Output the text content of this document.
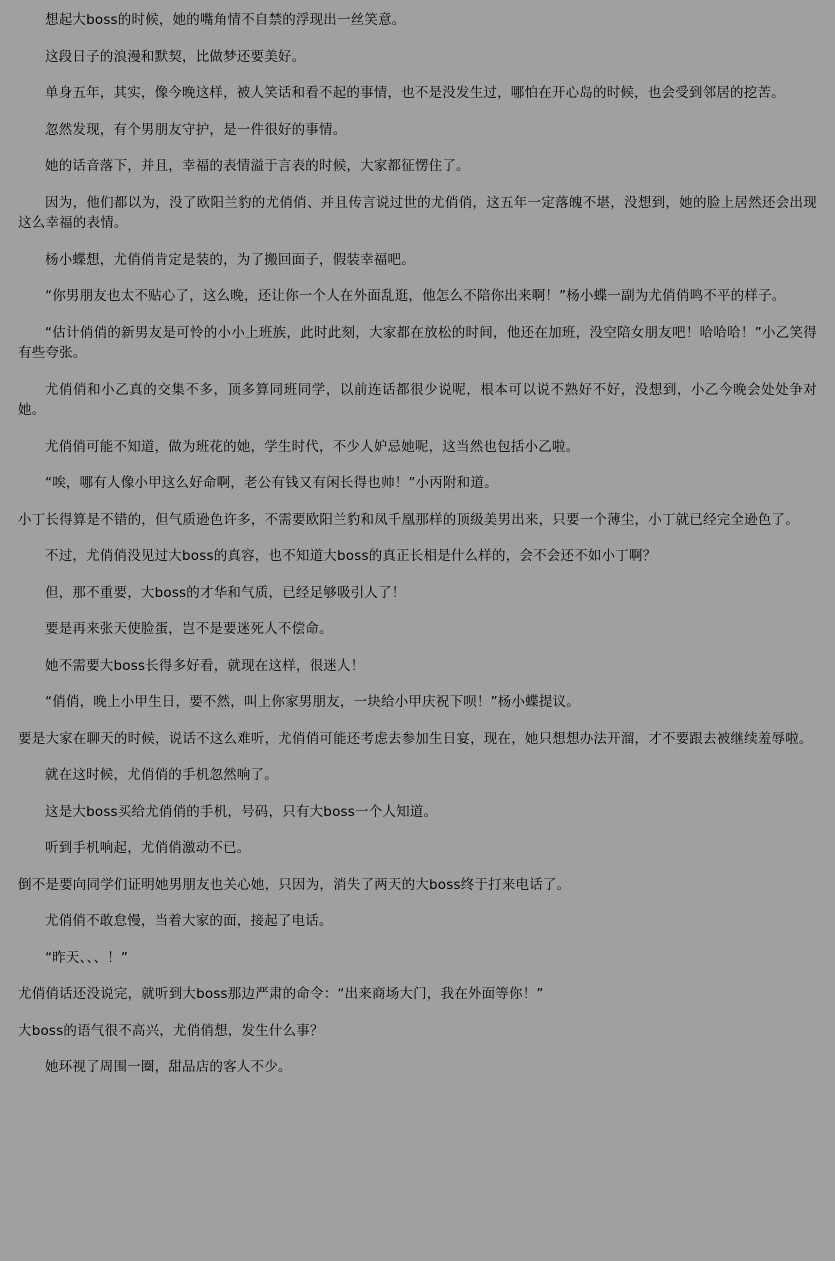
想起大boss的时候，她的嘴角情不自禁的浮现出一丝笑意。

这段日子的浪漫和默契，比做梦还要美好。

单身五年，其实，像今晚这样，被人笑话和看不起的事情，也不是没发生过，哪怕在开心岛的时候，也会受到邻居的挖苦。

忽然发现，有个男朋友守护，是一件很好的事情。

她的话音落下，并且，幸福的表情溢于言表的时候，大家都征愣住了。

因为，他们都以为，没了欧阳兰豹的尤俏俏、并且传言说过世的尤俏俏，这五年一定落魄不堪，没想到，她的脸上居然还会出现这么幸福的表情。

杨小蝶想，尤俏俏肯定是装的，为了搬回面子，假装幸福吧。

“你男朋友也太不贴心了，这么晚，还让你一个人在外面乱逛，他怎么不陪你出来啊！”杨小蝶一副为尤俏俏鸣不平的样子。

“估计俏俏的新男友是可怜的小小上班族，此时此刻，大家都在放松的时间，他还在加班，没空陪女朋友吧！哈哈哈！”小乙笑得有些夸张。

尤俏俏和小乙真的交集不多，顶多算同班同学，以前连话都很少说呢，根本可以说不熟好不好，没想到，小乙今晚会处处争对她。

尤俏俏可能不知道，做为班花的她，学生时代，不少人妒忌她呢，这当然也包括小乙啦。

“唉，哪有人像小甲这么好命啊，老公有钱又有闲长得也帅！”小丙附和道。

小丁长得算是不错的，但气质逊色许多，不需要欧阳兰豹和凤千凰那样的顶级美男出来，只要一个薄尘，小丁就已经完全逊色了。

不过，尤俏俏没见过大boss的真容，也不知道大boss的真正长相是什么样的，会不会还不如小丁啊？

但，那不重要，大boss的才华和气质，已经足够吸引人了！

要是再来张天使脸蛋，岂不是要迷死人不偿命。

她不需要大boss长得多好看，就现在这样，很迷人！

“俏俏，晚上小甲生日，要不然，叫上你家男朋友，一块给小甲庆祝下呗！”杨小蝶提议。

要是大家在聊天的时候，说话不这么难听，尤俏俏可能还考虑去参加生日宴，现在，她只想想办法开溜，才不要跟去被继续羞辱啦。

就在这时候，尤俏俏的手机忽然响了。

这是大boss买给尤俏俏的手机，号码，只有大boss一个人知道。

听到手机响起，尤俏俏激动不已。

倒不是要向同学们证明她男朋友也关心她，只因为，消失了两天的大boss终于打来电话了。

尤俏俏不敢怠慢，当着大家的面，接起了电话。

“昨天、、、！”

尤俏俏话还没说完，就听到大boss那边严肃的命令：“出来商场大门，我在外面等你！”

大boss的语气很不高兴，尤俏俏想，发生什么事？

她环视了周围一圈，甜品店的客人不少。
